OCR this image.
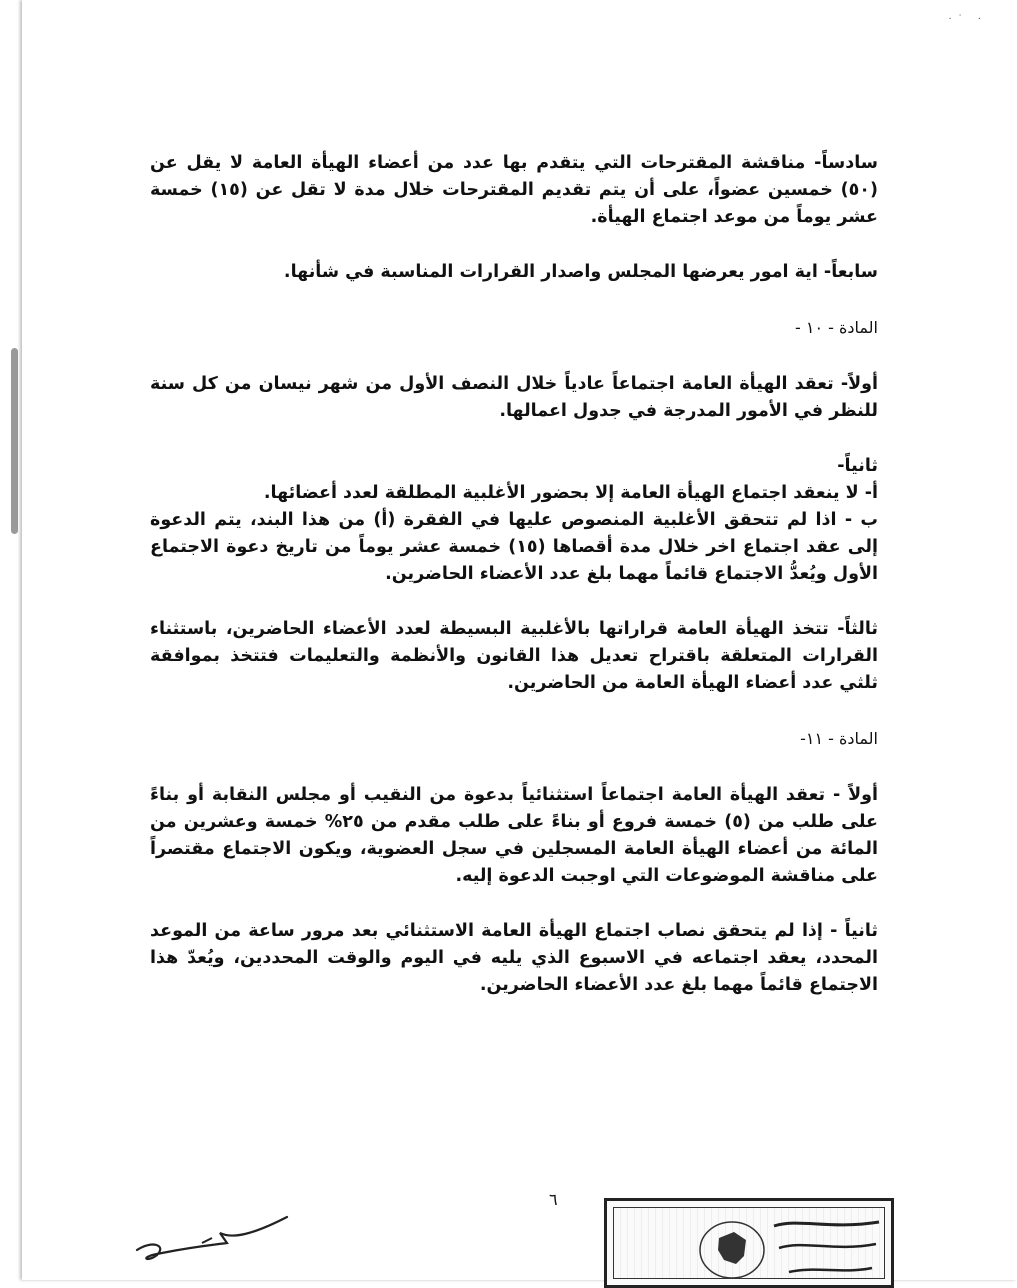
·˙ ·

سادساً- مناقشة المقترحات التي يتقدم بها عدد من أعضاء الهيأة العامة لا يقل عن (٥٠) خمسين عضواً، على أن يتم تقديم المقترحات خلال مدة لا تقل عن (١٥) خمسة عشر يوماً من موعد اجتماع الهيأة.

سابعاً- اية امور يعرضها المجلس واصدار القرارات المناسبة في شأنها.

المادة - ١٠ -

أولاً- تعقد الهيأة العامة اجتماعاً عادياً خلال النصف الأول من شهر نيسان من كل سنة للنظر في الأمور المدرجة في جدول اعمالها.

ثانياً-

أ- لا ينعقد اجتماع الهيأة العامة إلا بحضور الأغلبية المطلقة لعدد أعضائها.

ب - اذا لم تتحقق الأغلبية المنصوص عليها في الفقرة (أ) من هذا البند، يتم الدعوة إلى عقد اجتماع اخر خلال مدة أقصاها (١٥) خمسة عشر يوماً من تاريخ دعوة الاجتماع الأول ويُعدُّ الاجتماع قائماً مهما بلغ عدد الأعضاء الحاضرين.

ثالثاً- تتخذ الهيأة العامة قراراتها بالأغلبية البسيطة لعدد الأعضاء الحاضرين، باستثناء القرارات المتعلقة باقتراح تعديل هذا القانون والأنظمة والتعليمات فتتخذ بموافقة ثلثي عدد أعضاء الهيأة العامة من الحاضرين.

المادة - ١١-

أولاً - تعقد الهيأة العامة اجتماعاً استثنائياً بدعوة من النقيب أو مجلس النقابة أو بناءً على طلب من (٥) خمسة فروع أو بناءً على طلب مقدم من ٢٥% خمسة وعشرين من المائة من أعضاء الهيأة العامة المسجلين في سجل العضوية، ويكون الاجتماع مقتصراً على مناقشة الموضوعات التي اوجبت الدعوة إليه.

ثانياً - إذا لم يتحقق نصاب اجتماع الهيأة العامة الاستثنائي بعد مرور ساعة من الموعد المحدد، يعقد اجتماعه في الاسبوع الذي يليه في اليوم والوقت المحددين، ويُعدّ هذا الاجتماع قائماً مهما بلغ عدد الأعضاء الحاضرين.

٦
